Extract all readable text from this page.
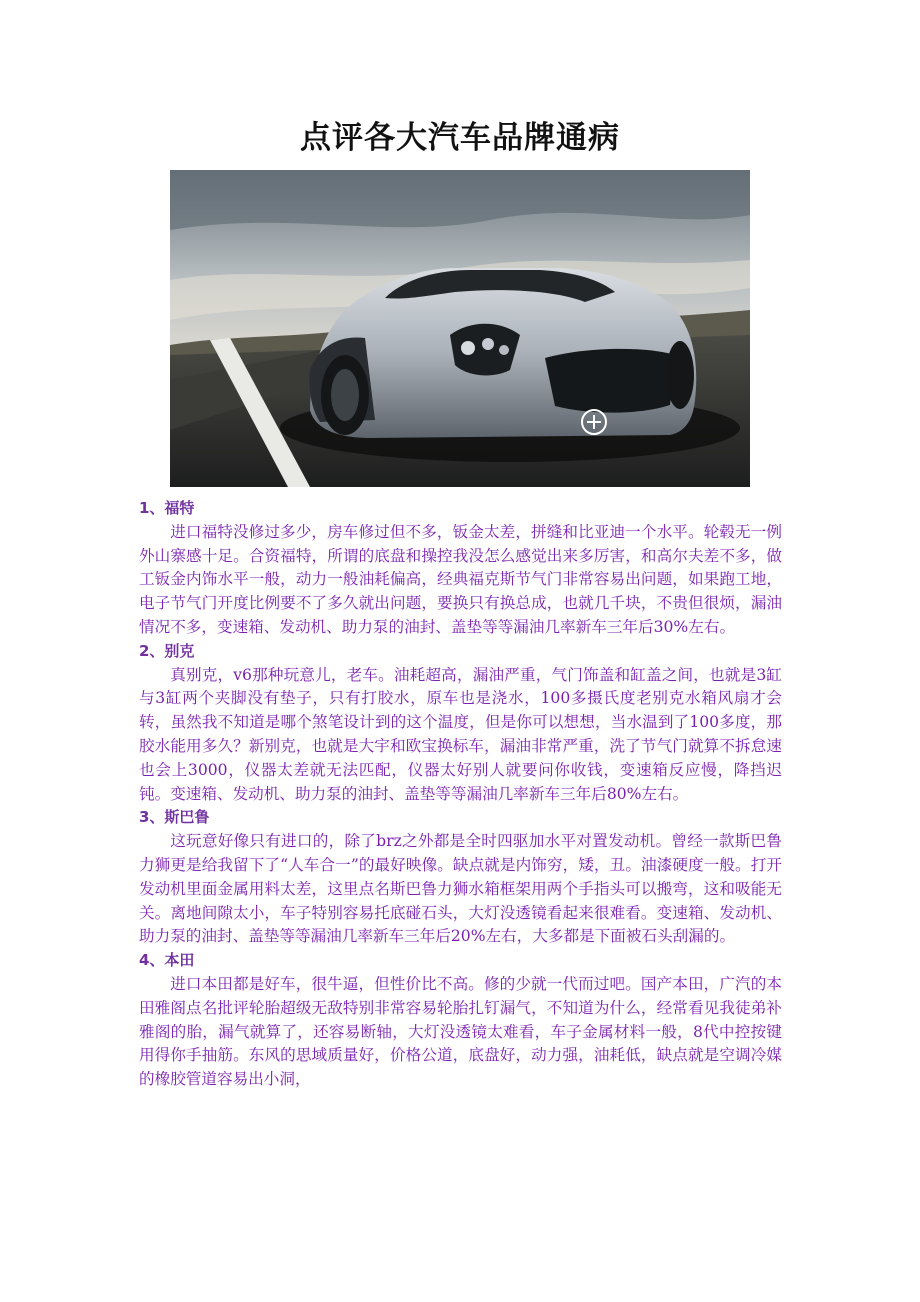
点评各大汽车品牌通病
1、福特

进口福特没修过多少，房车修过但不多，钣金太差，拼缝和比亚迪一个水平。轮毂无一例外山寨感十足。合资福特，所谓的底盘和操控我没怎么感觉出来多厉害，和高尔夫差不多，做工钣金内饰水平一般，动力一般油耗偏高，经典福克斯节气门非常容易出问题，如果跑工地，电子节气门开度比例要不了多久就出问题，要换只有换总成，也就几千块，不贵但很烦，漏油情况不多，变速箱、发动机、助力泵的油封、盖垫等等漏油几率新车三年后30%左右。

2、别克

真别克，v6那种玩意儿，老车。油耗超高，漏油严重，气门饰盖和缸盖之间，也就是3缸与3缸两个夹脚没有垫子，只有打胶水，原车也是浇水，100多摄氏度老别克水箱风扇才会转，虽然我不知道是哪个煞笔设计到的这个温度，但是你可以想想，当水温到了100多度，那胶水能用多久？新别克，也就是大宇和欧宝换标车，漏油非常严重，洗了节气门就算不拆怠速也会上3000，仪器太差就无法匹配，仪器太好别人就要问你收钱，变速箱反应慢，降挡迟钝。变速箱、发动机、助力泵的油封、盖垫等等漏油几率新车三年后80%左右。

3、斯巴鲁

这玩意好像只有进口的，除了brz之外都是全时四驱加水平对置发动机。曾经一款斯巴鲁力狮更是给我留下了“人车合一”的最好映像。缺点就是内饰穷，矮，丑。油漆硬度一般。打开发动机里面金属用料太差，这里点名斯巴鲁力狮水箱框架用两个手指头可以搬弯，这和吸能无关。离地间隙太小，车子特别容易托底碰石头，大灯没透镜看起来很难看。变速箱、发动机、助力泵的油封、盖垫等等漏油几率新车三年后20%左右，大多都是下面被石头刮漏的。

4、本田

进口本田都是好车，很牛逼，但性价比不高。修的少就一代而过吧。国产本田，广汽的本田雅阁点名批评轮胎超级无敌特别非常容易轮胎扎钉漏气，不知道为什么，经常看见我徒弟补雅阁的胎，漏气就算了，还容易断轴，大灯没透镜太难看，车子金属材料一般，8代中控按键用得你手抽筋。东风的思域质量好，价格公道，底盘好，动力强，油耗低，缺点就是空调冷媒的橡胶管道容易出小洞，
